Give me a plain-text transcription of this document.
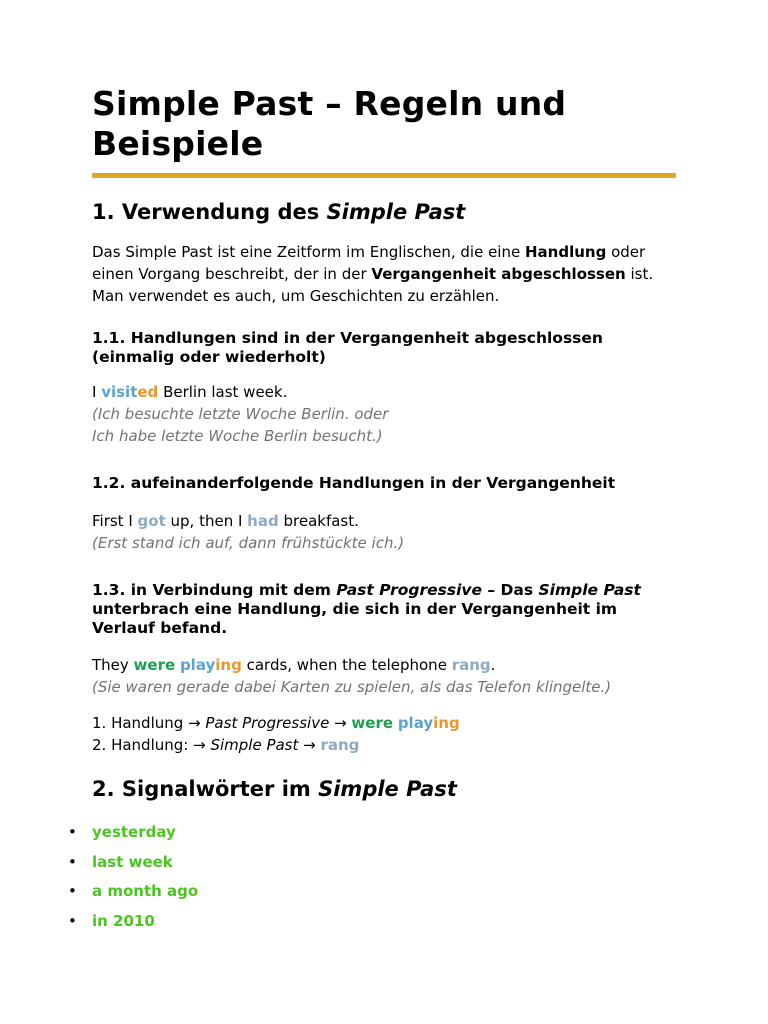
Simple Past – Regeln und
Beispiele
1. Verwendung des Simple Past

Das Simple Past ist eine Zeitform im Englischen, die eine Handlung oder einen Vorgang beschreibt, der in der Vergangenheit abgeschlossen ist. Man verwendet es auch, um Geschichten zu erzählen.

1.1. Handlungen sind in der Vergangenheit abgeschlossen (einmalig oder wiederholt)

I visited Berlin last week.

(Ich besuchte letzte Woche Berlin. oder
Ich habe letzte Woche Berlin besucht.)

1.2. aufeinanderfolgende Handlungen in der Vergangenheit

First I got up, then I had breakfast.

(Erst stand ich auf, dann frühstückte ich.)

1.3. in Verbindung mit dem Past Progressive – Das Simple Past unterbrach eine Handlung, die sich in der Vergangenheit im Verlauf befand.

They were playing cards, when the telephone rang.

(Sie waren gerade dabei Karten zu spielen, als das Telefon klingelte.)

1. Handlung → Past Progressive → were playing

2. Handlung: → Simple Past → rang

2. Signalwörter im Simple Past
• yesterday
• last week
• a month ago
• in 2010
